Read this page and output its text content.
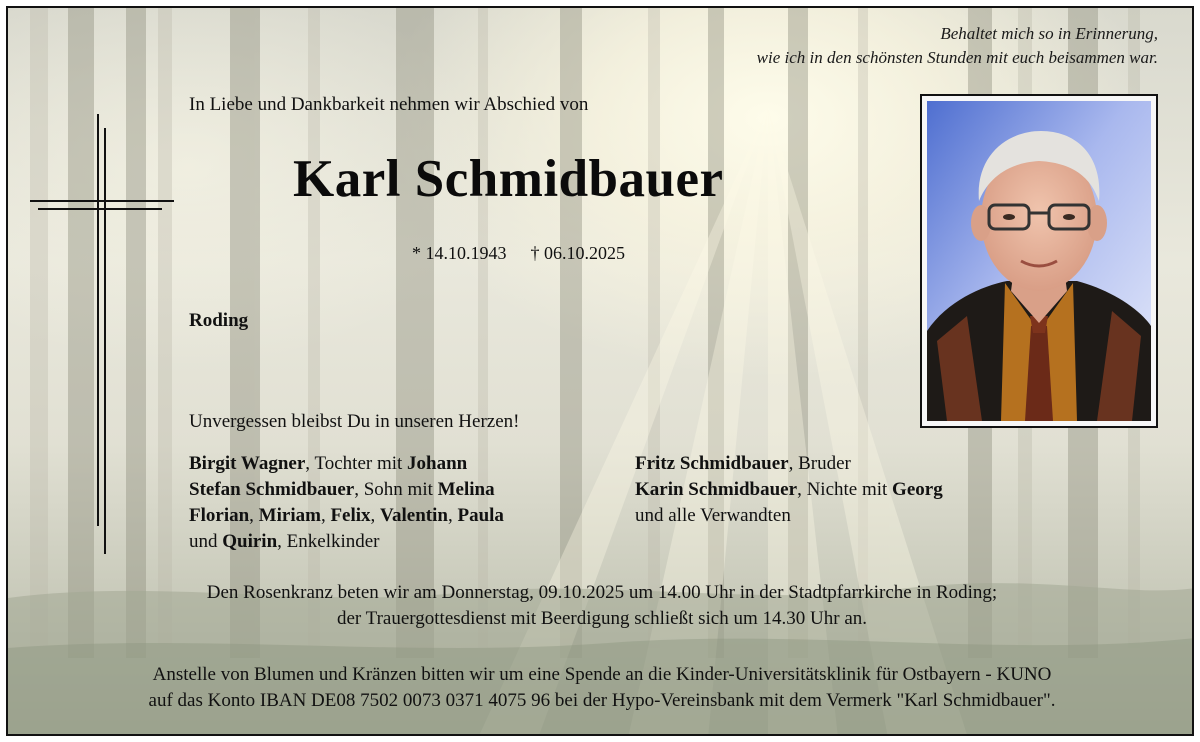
Behaltet mich so in Erinnerung,
wie ich in den schönsten Stunden mit euch beisammen war.
In Liebe und Dankbarkeit nehmen wir Abschied von
Karl Schmidbauer
* 14.10.1943 † 06.10.2025
Roding
Unvergessen bleibst Du in unseren Herzen!
Birgit Wagner, Tochter mit Johann
Stefan Schmidbauer, Sohn mit Melina
Florian, Miriam, Felix, Valentin, Paula
und Quirin, Enkelkinder
Fritz Schmidbauer, Bruder
Karin Schmidbauer, Nichte mit Georg
und alle Verwandten
Den Rosenkranz beten wir am Donnerstag, 09.10.2025 um 14.00 Uhr in der Stadtpfarrkirche in Roding;
der Trauergottesdienst mit Beerdigung schließt sich um 14.30 Uhr an.
Anstelle von Blumen und Kränzen bitten wir um eine Spende an die Kinder-Universitätsklinik für Ostbayern - KUNO
auf das Konto IBAN DE08 7502 0073 0371 4075 96 bei der Hypo-Vereinsbank mit dem Vermerk "Karl Schmidbauer".
